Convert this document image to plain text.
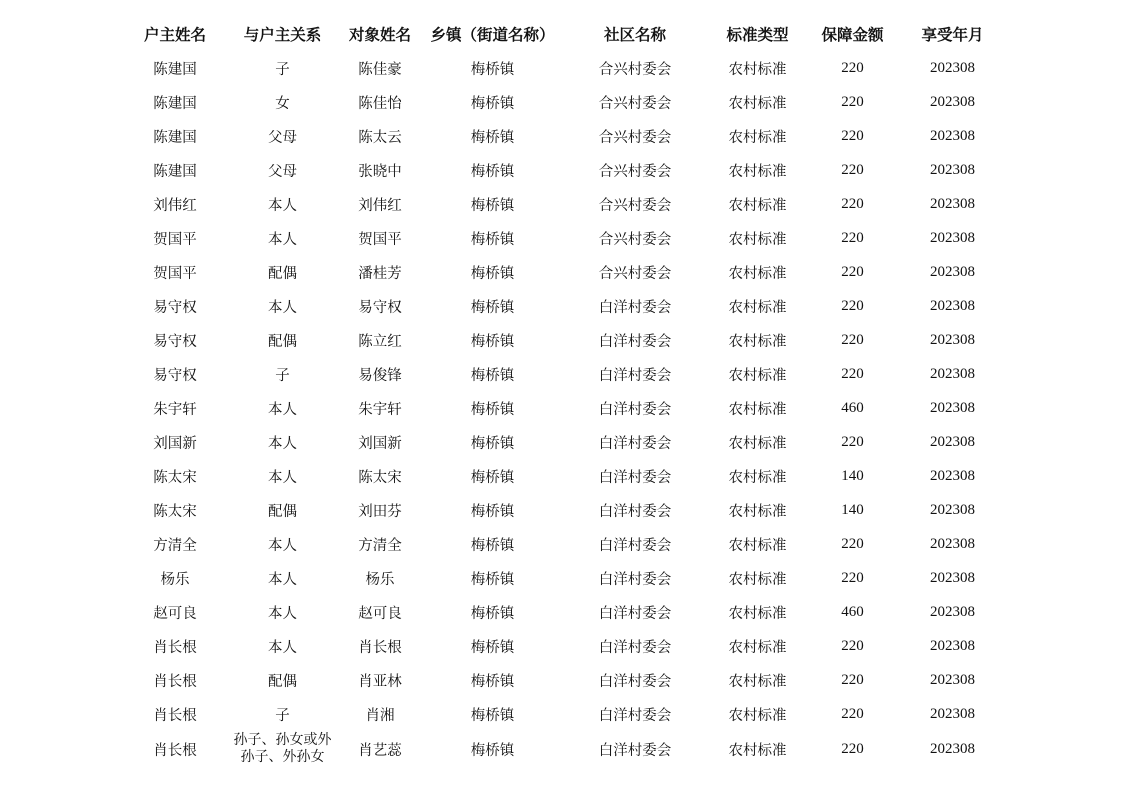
户主姓名	与户主关系	对象姓名	乡镇（街道名称）	社区名称	标准类型	保障金额	享受年月
陈建国	子	陈佳豪	梅桥镇	合兴村委会	农村标准	220	202308
陈建国	女	陈佳怡	梅桥镇	合兴村委会	农村标准	220	202308
陈建国	父母	陈太云	梅桥镇	合兴村委会	农村标准	220	202308
陈建国	父母	张晓中	梅桥镇	合兴村委会	农村标准	220	202308
刘伟红	本人	刘伟红	梅桥镇	合兴村委会	农村标准	220	202308
贺国平	本人	贺国平	梅桥镇	合兴村委会	农村标准	220	202308
贺国平	配偶	潘桂芳	梅桥镇	合兴村委会	农村标准	220	202308
易守权	本人	易守权	梅桥镇	白洋村委会	农村标准	220	202308
易守权	配偶	陈立红	梅桥镇	白洋村委会	农村标准	220	202308
易守权	子	易俊锋	梅桥镇	白洋村委会	农村标准	220	202308
朱宇轩	本人	朱宇轩	梅桥镇	白洋村委会	农村标准	460	202308
刘国新	本人	刘国新	梅桥镇	白洋村委会	农村标准	220	202308
陈太宋	本人	陈太宋	梅桥镇	白洋村委会	农村标准	140	202308
陈太宋	配偶	刘田芬	梅桥镇	白洋村委会	农村标准	140	202308
方清全	本人	方清全	梅桥镇	白洋村委会	农村标准	220	202308
杨乐	本人	杨乐	梅桥镇	白洋村委会	农村标准	220	202308
赵可良	本人	赵可良	梅桥镇	白洋村委会	农村标准	460	202308
肖长根	本人	肖长根	梅桥镇	白洋村委会	农村标准	220	202308
肖长根	配偶	肖亚林	梅桥镇	白洋村委会	农村标准	220	202308
肖长根	子	肖湘	梅桥镇	白洋村委会	农村标准	220	202308
肖长根	孙子、孙女或外孙子、外孙女	肖艺蕊	梅桥镇	白洋村委会	农村标准	220	202308
